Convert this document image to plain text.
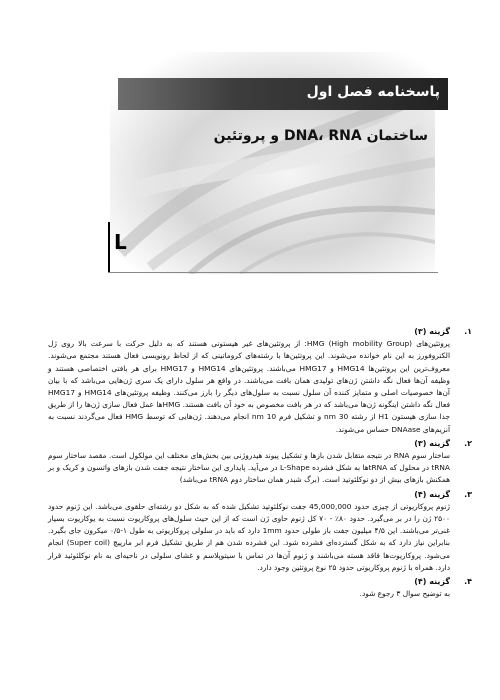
پاسخنامه فصل اول
ساختمان DNA، RNA و پروتئین
L
۱.
گزینه (۳)

پروتئین‌های HMG (High mobility Group): از پروتئین‌های غیر هیستونی هستند که به دلیل حرکت با سرعت بالا روی ژل الکتروفورز به این نام خوانده می‌شوند. این پروتئین‌ها با رشته‌های کروماتینی که از لحاظ رونویسی فعال هستند مجتمع می‌شوند. معروف‌ترین این پروتئین‌ها HMG14 و HMG17 می‌باشند. پروتئین‌های HMG14 و HMG17 برای هر بافتی اختصاصی هستند و وظیفه آن‌ها فعال نگه داشتن ژن‌های تولیدی همان بافت می‌باشند. در واقع هر سلول دارای یک سری ژن‌هایی می‌باشد که با بیان آن‌ها خصوصیات اصلی و متمایز کننده آن سلول نسبت به سلول‌های دیگر را بارز می‌کنند. وظیفه پروتئین‌های HMG14 و HMG17 فعال نگه داشتن اینگونه ژن‌ها می‌باشد که در هر بافت مخصوص به خود آن بافت هستند. HMGها عمل فعال سازی ژن‌ها را از طریق جدا سازی هیستون H1 از رشته 30 nm و تشکیل فرم 10 nm انجام می‌دهند. ژن‌هایی که توسط HMG فعال می‌گردند نسبت به آنزیم‌های DNAase حساس می‌شوند.

۲.
گزینه (۳)

ساختار سوم RNA در نتیجه متقابل شدن بازها و تشکیل پیوند هیدروژنی بین بخش‌های مختلف این مولکول است. مقصد ساختار سوم tRNA در محلول که tRNAها به شکل فشرده L-Shape در می‌آید. پایداری این ساختار نتیجه جفت شدن بازهای واتسون و کریک و بر همکنش بازهای بیش از دو نوکلئوتید است. (برگ شبدر همان ساختار دوم tRNA می‌باشد)

۳.
گزینه (۴)

ژنوم پروکاریوتی از چیزی حدود 45,000,000 جفت نوکلئوتید تشکیل شده که به شکل دو رشته‌ای حلقوی می‌باشد. این ژنوم حدود ۲۵۰۰ ژن را در بر می‌گیرد. حدود ۸۰٪ - ۷۰ کل ژنوم حاوی ژن است که از این حیث سلول‌های پروکاریوت نسبت به یوکاریوت بسیار غنی‌تر می‌باشند. این ۴/۵ میلیون جفت باز طولی حدود 1mm دارد که باید در سلولی پروکاریوتی به طول ۱-۰/۵ میکرون جای بگیرد. بنابراین نیاز دارد که به شکل گسترده‌ای فشرده شود. این فشرده شدن هم از طریق تشکیل فرم ابر مارپیچ (Super coil) انجام می‌شود. پروکاریوت‌ها فاقد هسته می‌باشند و ژنوم آن‌ها در تماس با سیتوپلاسم و غشای سلولی در ناحیه‌ای به نام نوکلئوئید قرار دارد. همراه با ژنوم پروکاریوتی حدود ۲۵ نوع پروتئین وجود دارد.

۴.
گزینه (۴)

به توضیح سوال ۳ رجوع شود.
